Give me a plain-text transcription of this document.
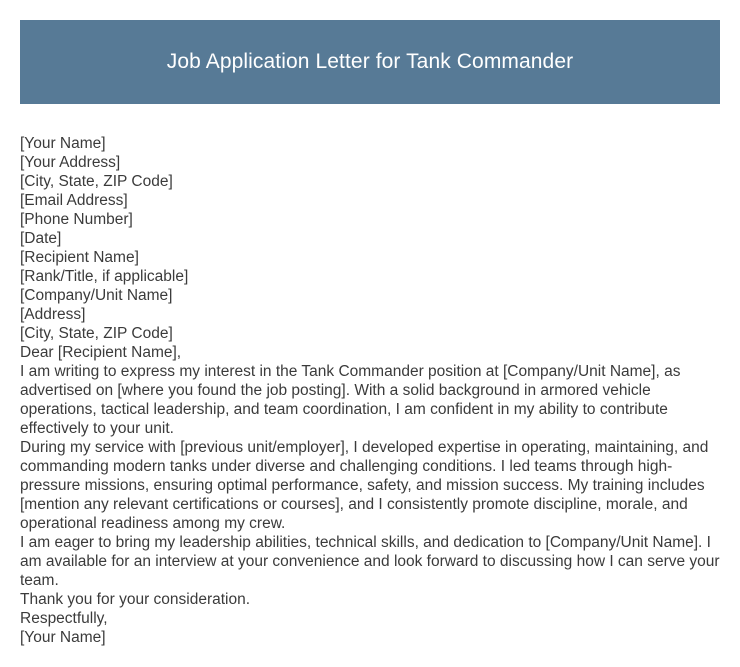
Job Application Letter for Tank Commander

[Your Name]

[Your Address]

[City, State, ZIP Code]

[Email Address]

[Phone Number]

[Date]

[Recipient Name]

[Rank/Title, if applicable]

[Company/Unit Name]

[Address]

[City, State, ZIP Code]

Dear [Recipient Name],

I am writing to express my interest in the Tank Commander position at [Company/Unit Name], as advertised on [where you found the job posting]. With a solid background in armored vehicle operations, tactical leadership, and team coordination, I am confident in my ability to contribute effectively to your unit.

During my service with [previous unit/employer], I developed expertise in operating, maintaining, and commanding modern tanks under diverse and challenging conditions. I led teams through high-pressure missions, ensuring optimal performance, safety, and mission success. My training includes [mention any relevant certifications or courses], and I consistently promote discipline, morale, and operational readiness among my crew.

I am eager to bring my leadership abilities, technical skills, and dedication to [Company/Unit Name]. I am available for an interview at your convenience and look forward to discussing how I can serve your team.

Thank you for your consideration.

Respectfully,

[Your Name]
